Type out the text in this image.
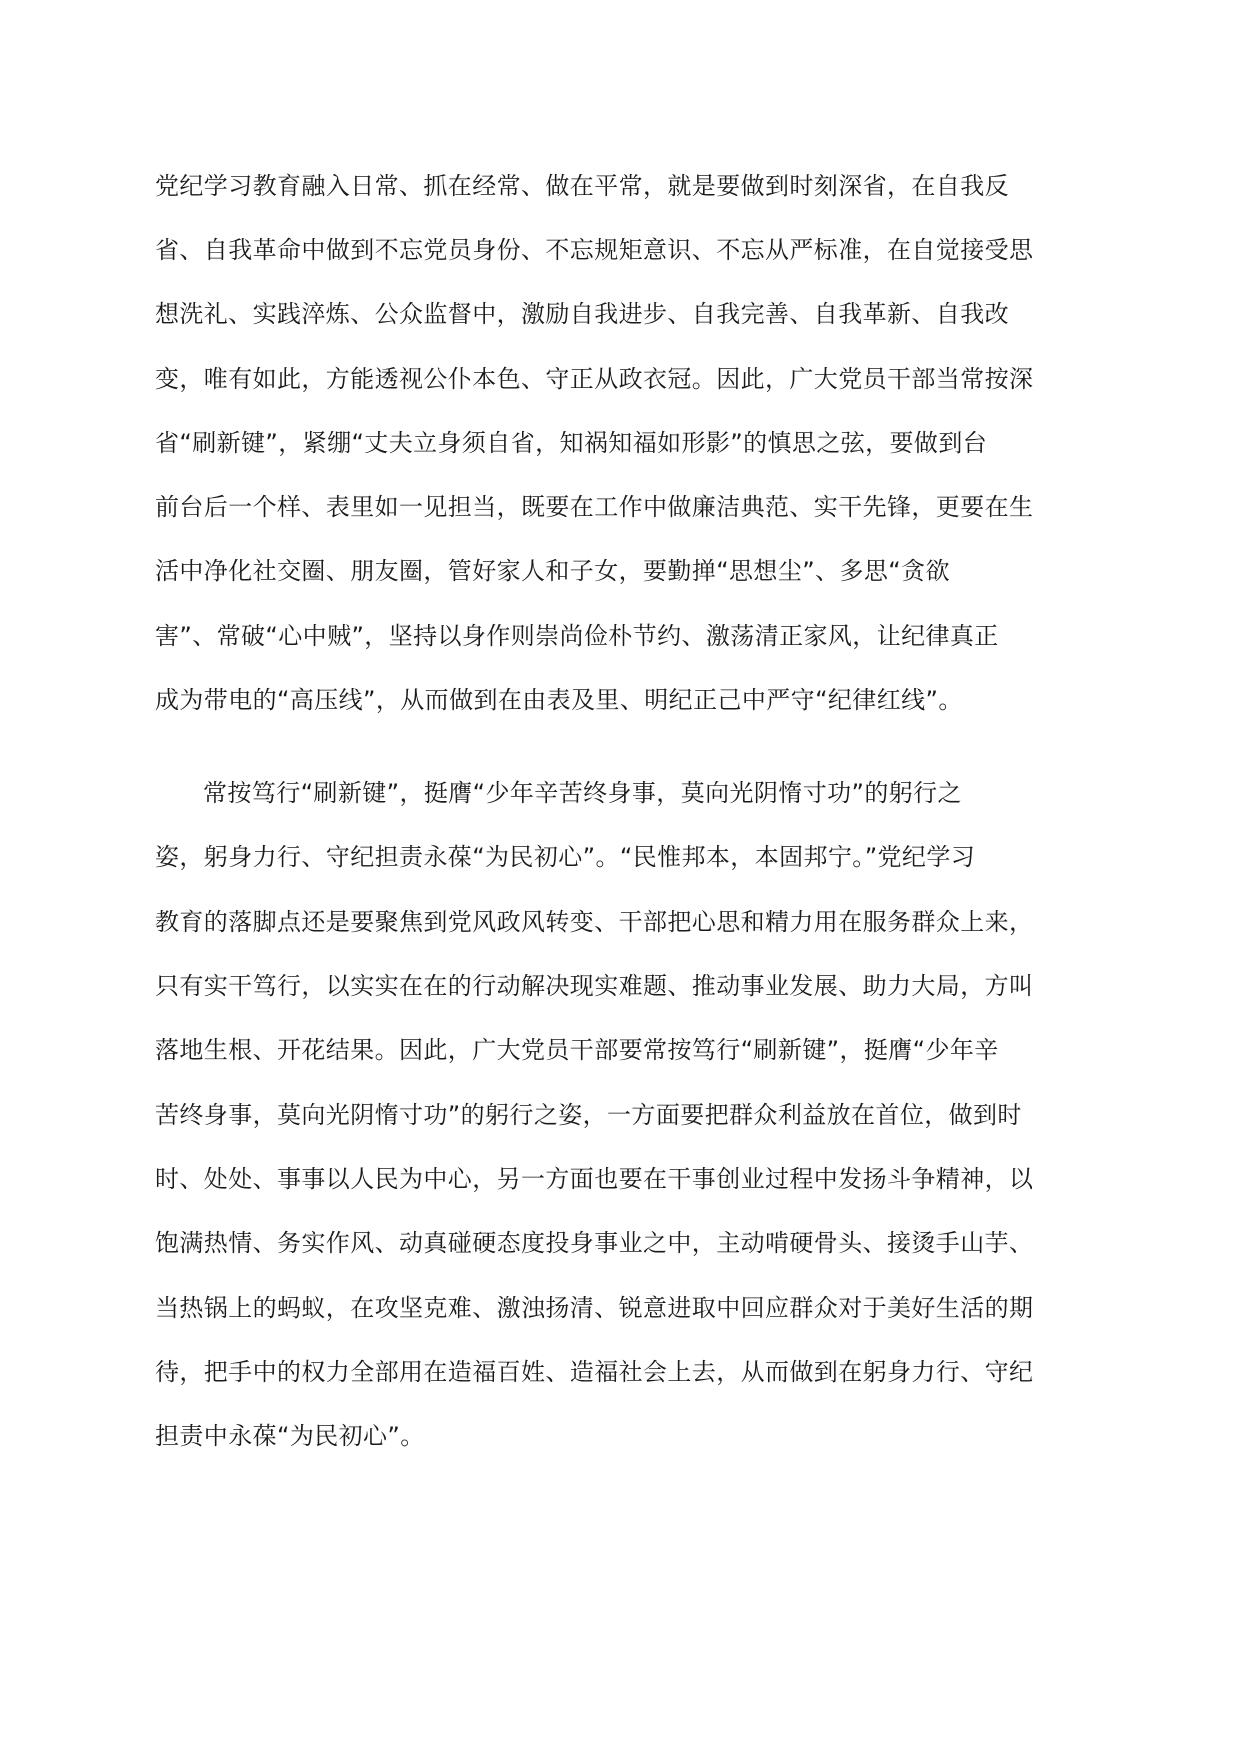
党纪学习教育融入日常、抓在经常、做在平常，就是要做到时刻深省，在自我反
省、自我革命中做到不忘党员身份、不忘规矩意识、不忘从严标准，在自觉接受思
想洗礼、实践淬炼、公众监督中，激励自我进步、自我完善、自我革新、自我改
变，唯有如此，方能透视公仆本色、守正从政衣冠。因此，广大党员干部当常按深
省“刷新键”，紧绷“丈夫立身须自省，知祸知福如形影”的慎思之弦，要做到台
前台后一个样、表里如一见担当，既要在工作中做廉洁典范、实干先锋，更要在生
活中净化社交圈、朋友圈，管好家人和子女，要勤掸“思想尘”、多思“贪欲
害”、常破“心中贼”，坚持以身作则崇尚俭朴节约、激荡清正家风，让纪律真正
成为带电的“高压线”，从而做到在由表及里、明纪正己中严守“纪律红线”。
常按笃行“刷新键”，挺膺“少年辛苦终身事，莫向光阴惰寸功”的躬行之
姿，躬身力行、守纪担责永葆“为民初心”。“民惟邦本，本固邦宁。”党纪学习
教育的落脚点还是要聚焦到党风政风转变、干部把心思和精力用在服务群众上来，
只有实干笃行，以实实在在的行动解决现实难题、推动事业发展、助力大局，方叫
落地生根、开花结果。因此，广大党员干部要常按笃行“刷新键”，挺膺“少年辛
苦终身事，莫向光阴惰寸功”的躬行之姿，一方面要把群众利益放在首位，做到时
时、处处、事事以人民为中心，另一方面也要在干事创业过程中发扬斗争精神，以
饱满热情、务实作风、动真碰硬态度投身事业之中，主动啃硬骨头、接烫手山芋、
当热锅上的蚂蚁，在攻坚克难、激浊扬清、锐意进取中回应群众对于美好生活的期
待，把手中的权力全部用在造福百姓、造福社会上去，从而做到在躬身力行、守纪
担责中永葆“为民初心”。
